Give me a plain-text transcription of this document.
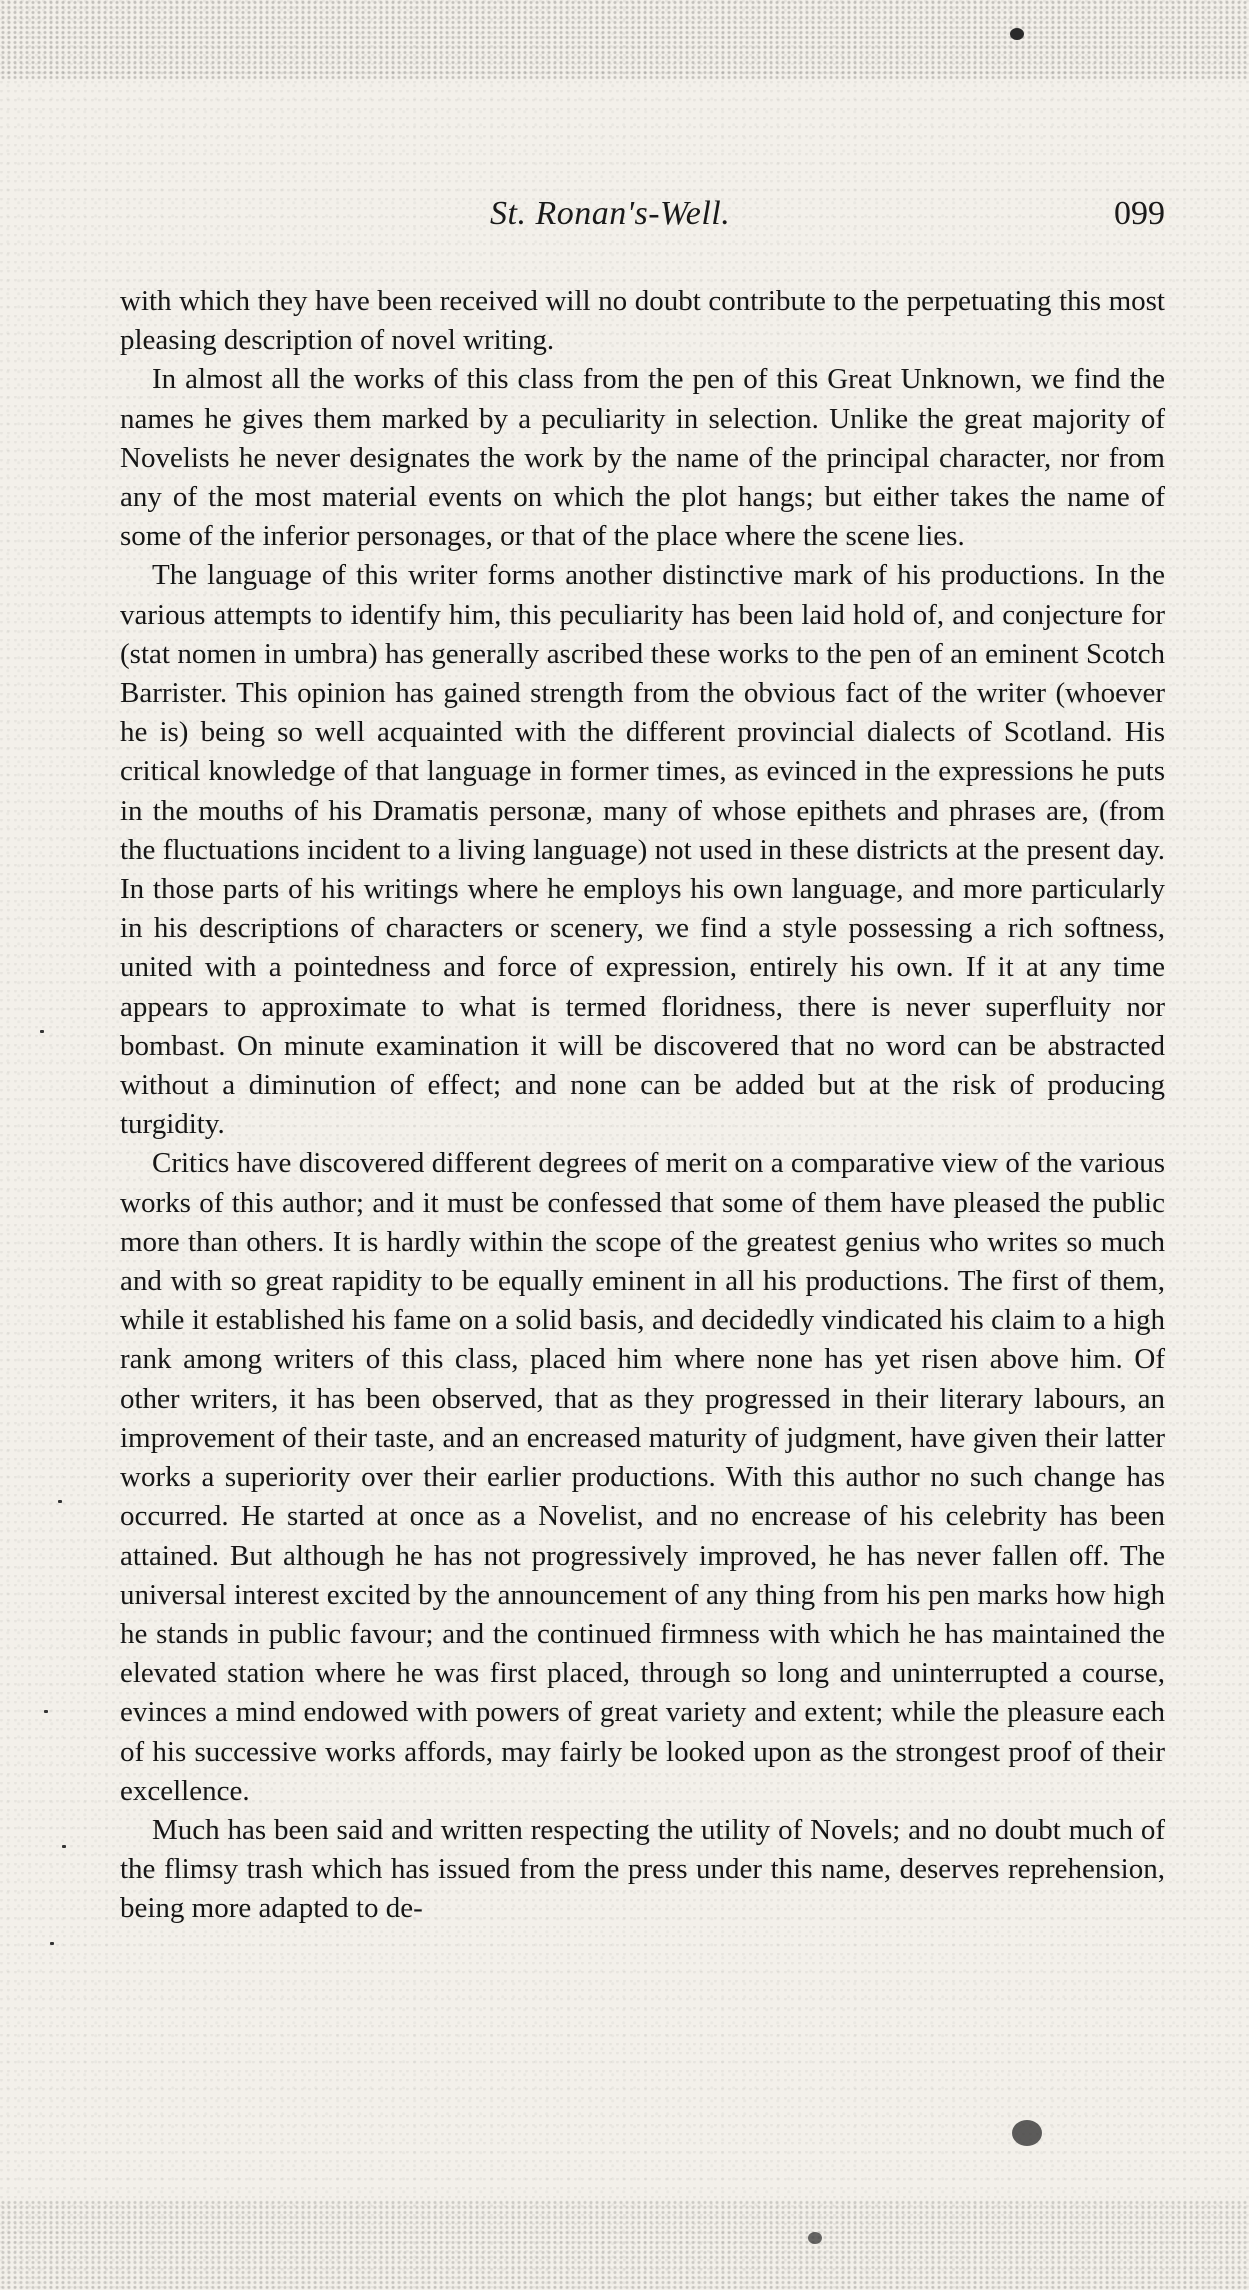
St. Ronan's-Well.	099

with which they have been received will no doubt contribute to the perpetuating this most pleasing description of novel writing.

In almost all the works of this class from the pen of this Great Unknown, we find the names he gives them marked by a peculiarity in selection. Unlike the great majority of Novelists he never designates the work by the name of the principal character, nor from any of the most material events on which the plot hangs; but either takes the name of some of the inferior personages, or that of the place where the scene lies.

The language of this writer forms another distinctive mark of his productions. In the various attempts to identify him, this peculiarity has been laid hold of, and conjecture for (stat nomen in umbra) has generally ascribed these works to the pen of an eminent Scotch Barrister. This opinion has gained strength from the obvious fact of the writer (whoever he is) being so well acquainted with the different provincial dialects of Scotland. His critical knowledge of that language in former times, as evinced in the expressions he puts in the mouths of his Dramatis personæ, many of whose epithets and phrases are, (from the fluctuations incident to a living language) not used in these districts at the present day. In those parts of his writings where he employs his own language, and more particularly in his descriptions of characters or scenery, we find a style possessing a rich softness, united with a pointedness and force of expression, entirely his own. If it at any time appears to approximate to what is termed floridness, there is never superfluity nor bombast. On minute examination it will be discovered that no word can be abstracted without a diminution of effect; and none can be added but at the risk of producing turgidity.

Critics have discovered different degrees of merit on a comparative view of the various works of this author; and it must be confessed that some of them have pleased the public more than others. It is hardly within the scope of the greatest genius who writes so much and with so great rapidity to be equally eminent in all his productions. The first of them, while it established his fame on a solid basis, and decidedly vindicated his claim to a high rank among writers of this class, placed him where none has yet risen above him. Of other writers, it has been observed, that as they progressed in their literary labours, an improvement of their taste, and an encreased maturity of judgment, have given their latter works a superiority over their earlier productions. With this author no such change has occurred. He started at once as a Novelist, and no encrease of his celebrity has been attained. But although he has not progressively improved, he has never fallen off. The universal interest excited by the announcement of any thing from his pen marks how high he stands in public favour; and the continued firmness with which he has maintained the elevated station where he was first placed, through so long and uninterrupted a course, evinces a mind endowed with powers of great variety and extent; while the pleasure each of his successive works affords, may fairly be looked upon as the strongest proof of their excellence.

Much has been said and written respecting the utility of Novels; and no doubt much of the flimsy trash which has issued from the press under this name, deserves reprehension, being more adapted to de-
